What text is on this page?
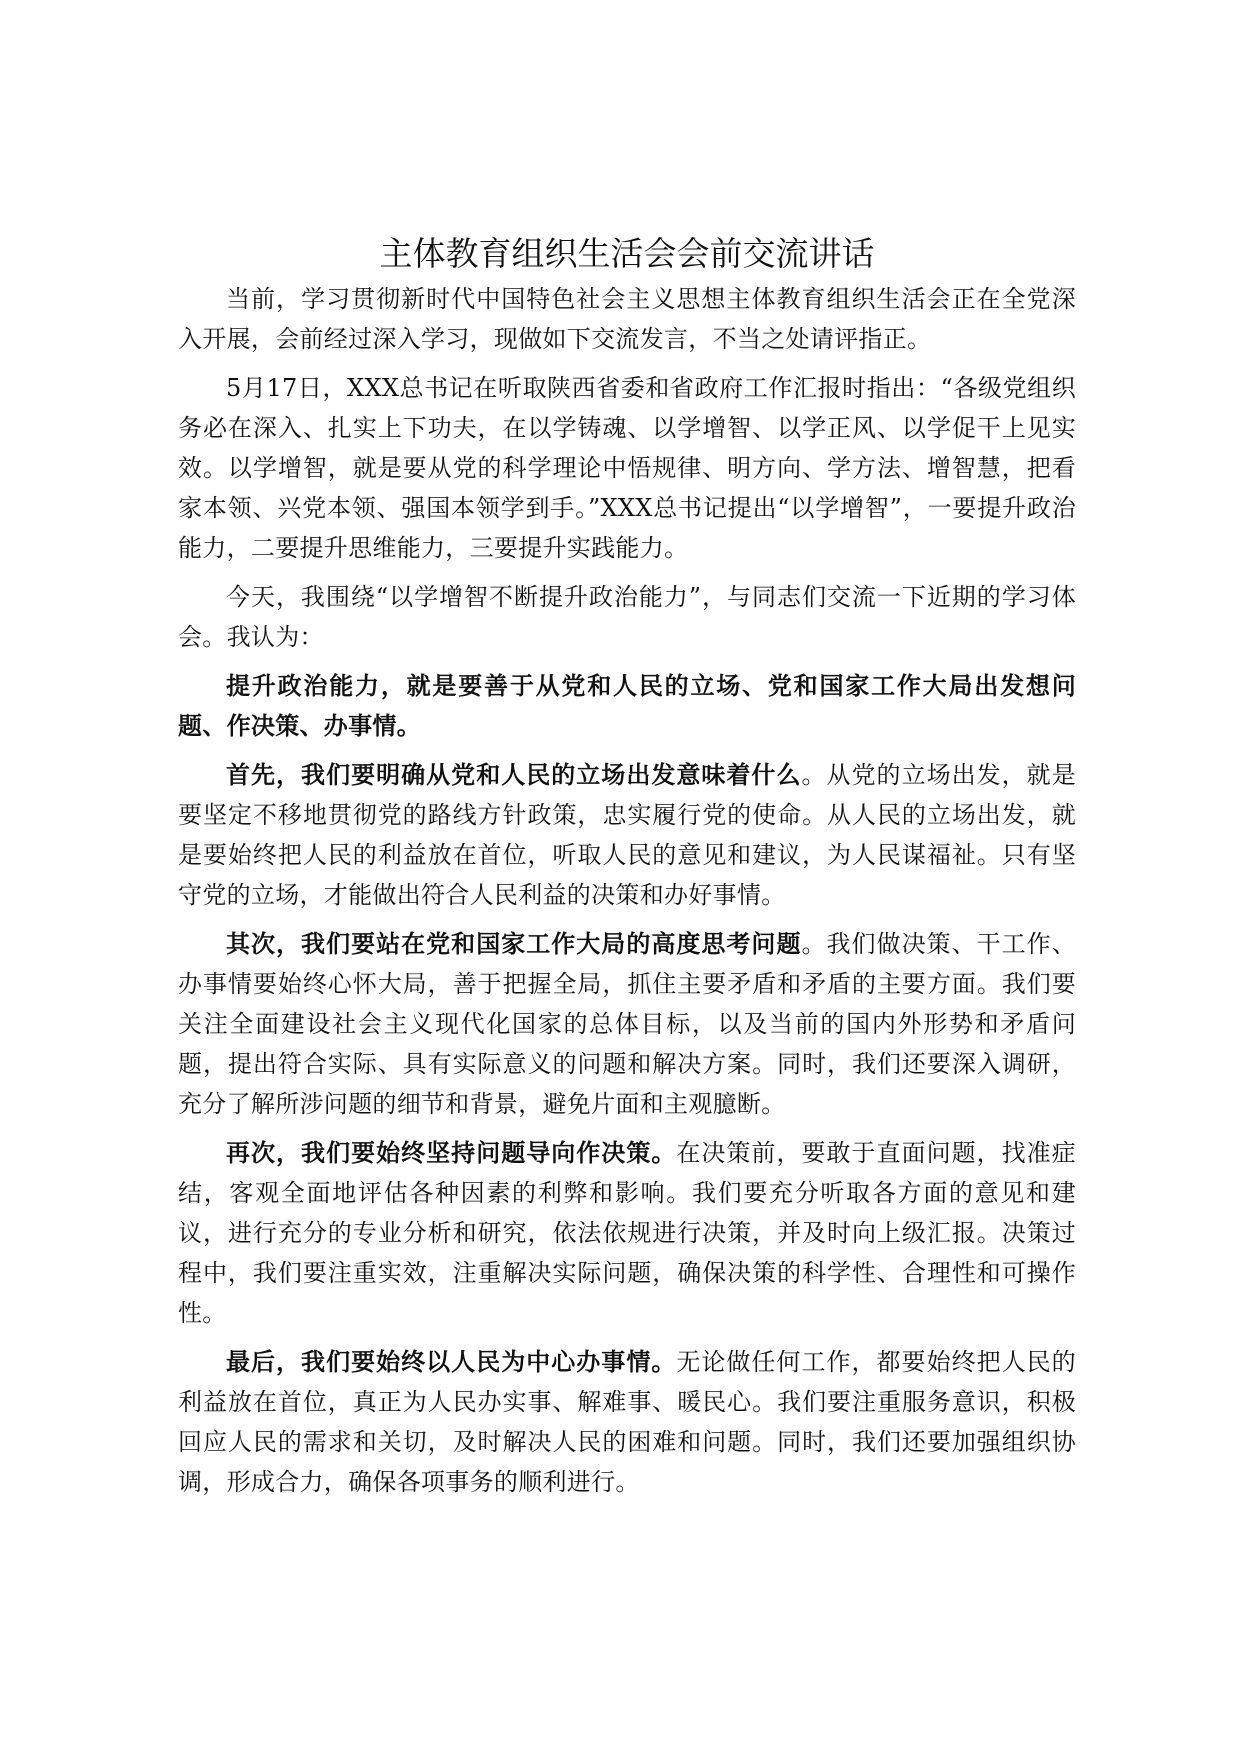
主体教育组织生活会会前交流讲话

当前，学习贯彻新时代中国特色社会主义思想主体教育组织生活会正在全党深入开展，会前经过深入学习，现做如下交流发言，不当之处请评指正。

5月17日，XXX总书记在听取陕西省委和省政府工作汇报时指出：“各级党组织务必在深入、扎实上下功夫，在以学铸魂、以学增智、以学正风、以学促干上见实效。以学增智，就是要从党的科学理论中悟规律、明方向、学方法、增智慧，把看家本领、兴党本领、强国本领学到手。”XXX总书记提出“以学增智”，一要提升政治能力，二要提升思维能力，三要提升实践能力。

今天，我围绕“以学增智不断提升政治能力”，与同志们交流一下近期的学习体会。我认为：

提升政治能力，就是要善于从党和人民的立场、党和国家工作大局出发想问题、作决策、办事情。

首先，我们要明确从党和人民的立场出发意味着什么。从党的立场出发，就是要坚定不移地贯彻党的路线方针政策，忠实履行党的使命。从人民的立场出发，就是要始终把人民的利益放在首位，听取人民的意见和建议，为人民谋福祉。只有坚守党的立场，才能做出符合人民利益的决策和办好事情。

其次，我们要站在党和国家工作大局的高度思考问题。我们做决策、干工作、办事情要始终心怀大局，善于把握全局，抓住主要矛盾和矛盾的主要方面。我们要关注全面建设社会主义现代化国家的总体目标，以及当前的国内外形势和矛盾问题，提出符合实际、具有实际意义的问题和解决方案。同时，我们还要深入调研，充分了解所涉问题的细节和背景，避免片面和主观臆断。

再次，我们要始终坚持问题导向作决策。在决策前，要敢于直面问题，找准症结，客观全面地评估各种因素的利弊和影响。我们要充分听取各方面的意见和建议，进行充分的专业分析和研究，依法依规进行决策，并及时向上级汇报。决策过程中，我们要注重实效，注重解决实际问题，确保决策的科学性、合理性和可操作性。

最后，我们要始终以人民为中心办事情。无论做任何工作，都要始终把人民的利益放在首位，真正为人民办实事、解难事、暖民心。我们要注重服务意识，积极回应人民的需求和关切，及时解决人民的困难和问题。同时，我们还要加强组织协调，形成合力，确保各项事务的顺利进行。
